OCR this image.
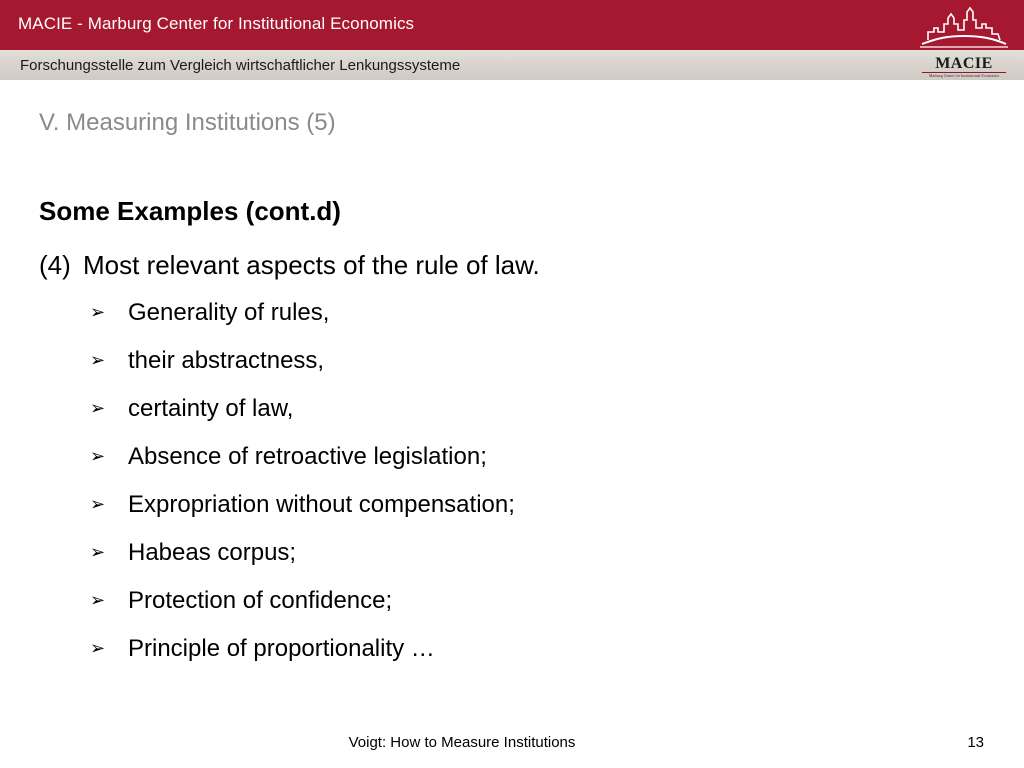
MACIE - Marburg Center for Institutional Economics
Forschungsstelle zum Vergleich wirtschaftlicher Lenkungssysteme	MACIE
Marburg Center for Institutional Economics
V. Measuring Institutions (5)
Some Examples (cont.d)
(4) Most relevant aspects of the rule of law.
➢ Generality of rules,
➢ their abstractness,
➢ certainty of law,
➢ Absence of retroactive legislation;
➢ Expropriation without compensation;
➢ Habeas corpus;
➢ Protection of confidence;
➢ Principle of proportionality …
Voigt: How to Measure Institutions	13
